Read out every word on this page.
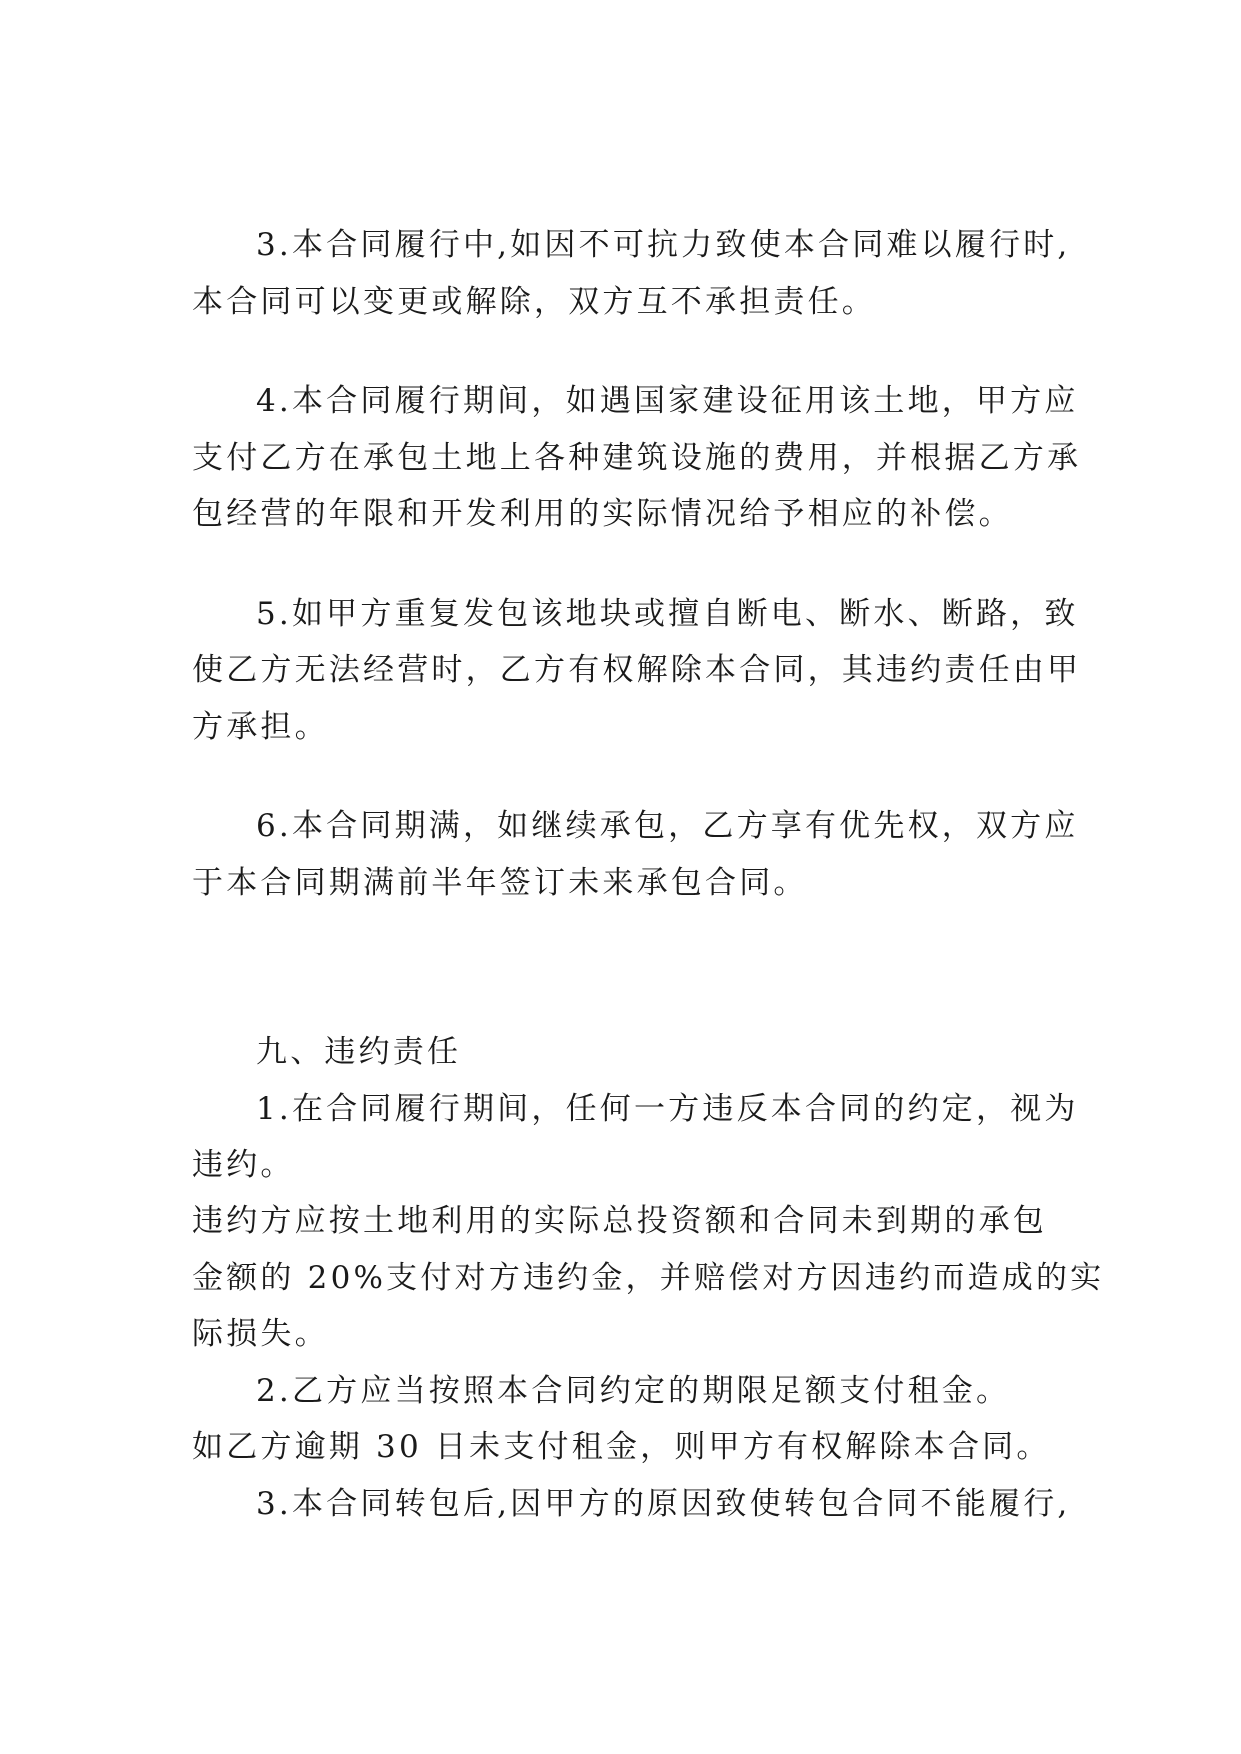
3.本合同履行中,如因不可抗力致使本合同难以履行时,
本合同可以变更或解除，双方互不承担责任。
4.本合同履行期间，如遇国家建设征用该土地，甲方应
支付乙方在承包土地上各种建筑设施的费用，并根据乙方承
包经营的年限和开发利用的实际情况给予相应的补偿。
5.如甲方重复发包该地块或擅自断电、断水、断路，致
使乙方无法经营时，乙方有权解除本合同，其违约责任由甲
方承担。
6.本合同期满，如继续承包，乙方享有优先权，双方应
于本合同期满前半年签订未来承包合同。
九、违约责任
1.在合同履行期间，任何一方违反本合同的约定，视为
违约。
违约方应按土地利用的实际总投资额和合同未到期的承包
金额的 20%支付对方违约金，并赔偿对方因违约而造成的实
际损失。
2.乙方应当按照本合同约定的期限足额支付租金。
如乙方逾期 30 日未支付租金，则甲方有权解除本合同。
3.本合同转包后,因甲方的原因致使转包合同不能履行,
